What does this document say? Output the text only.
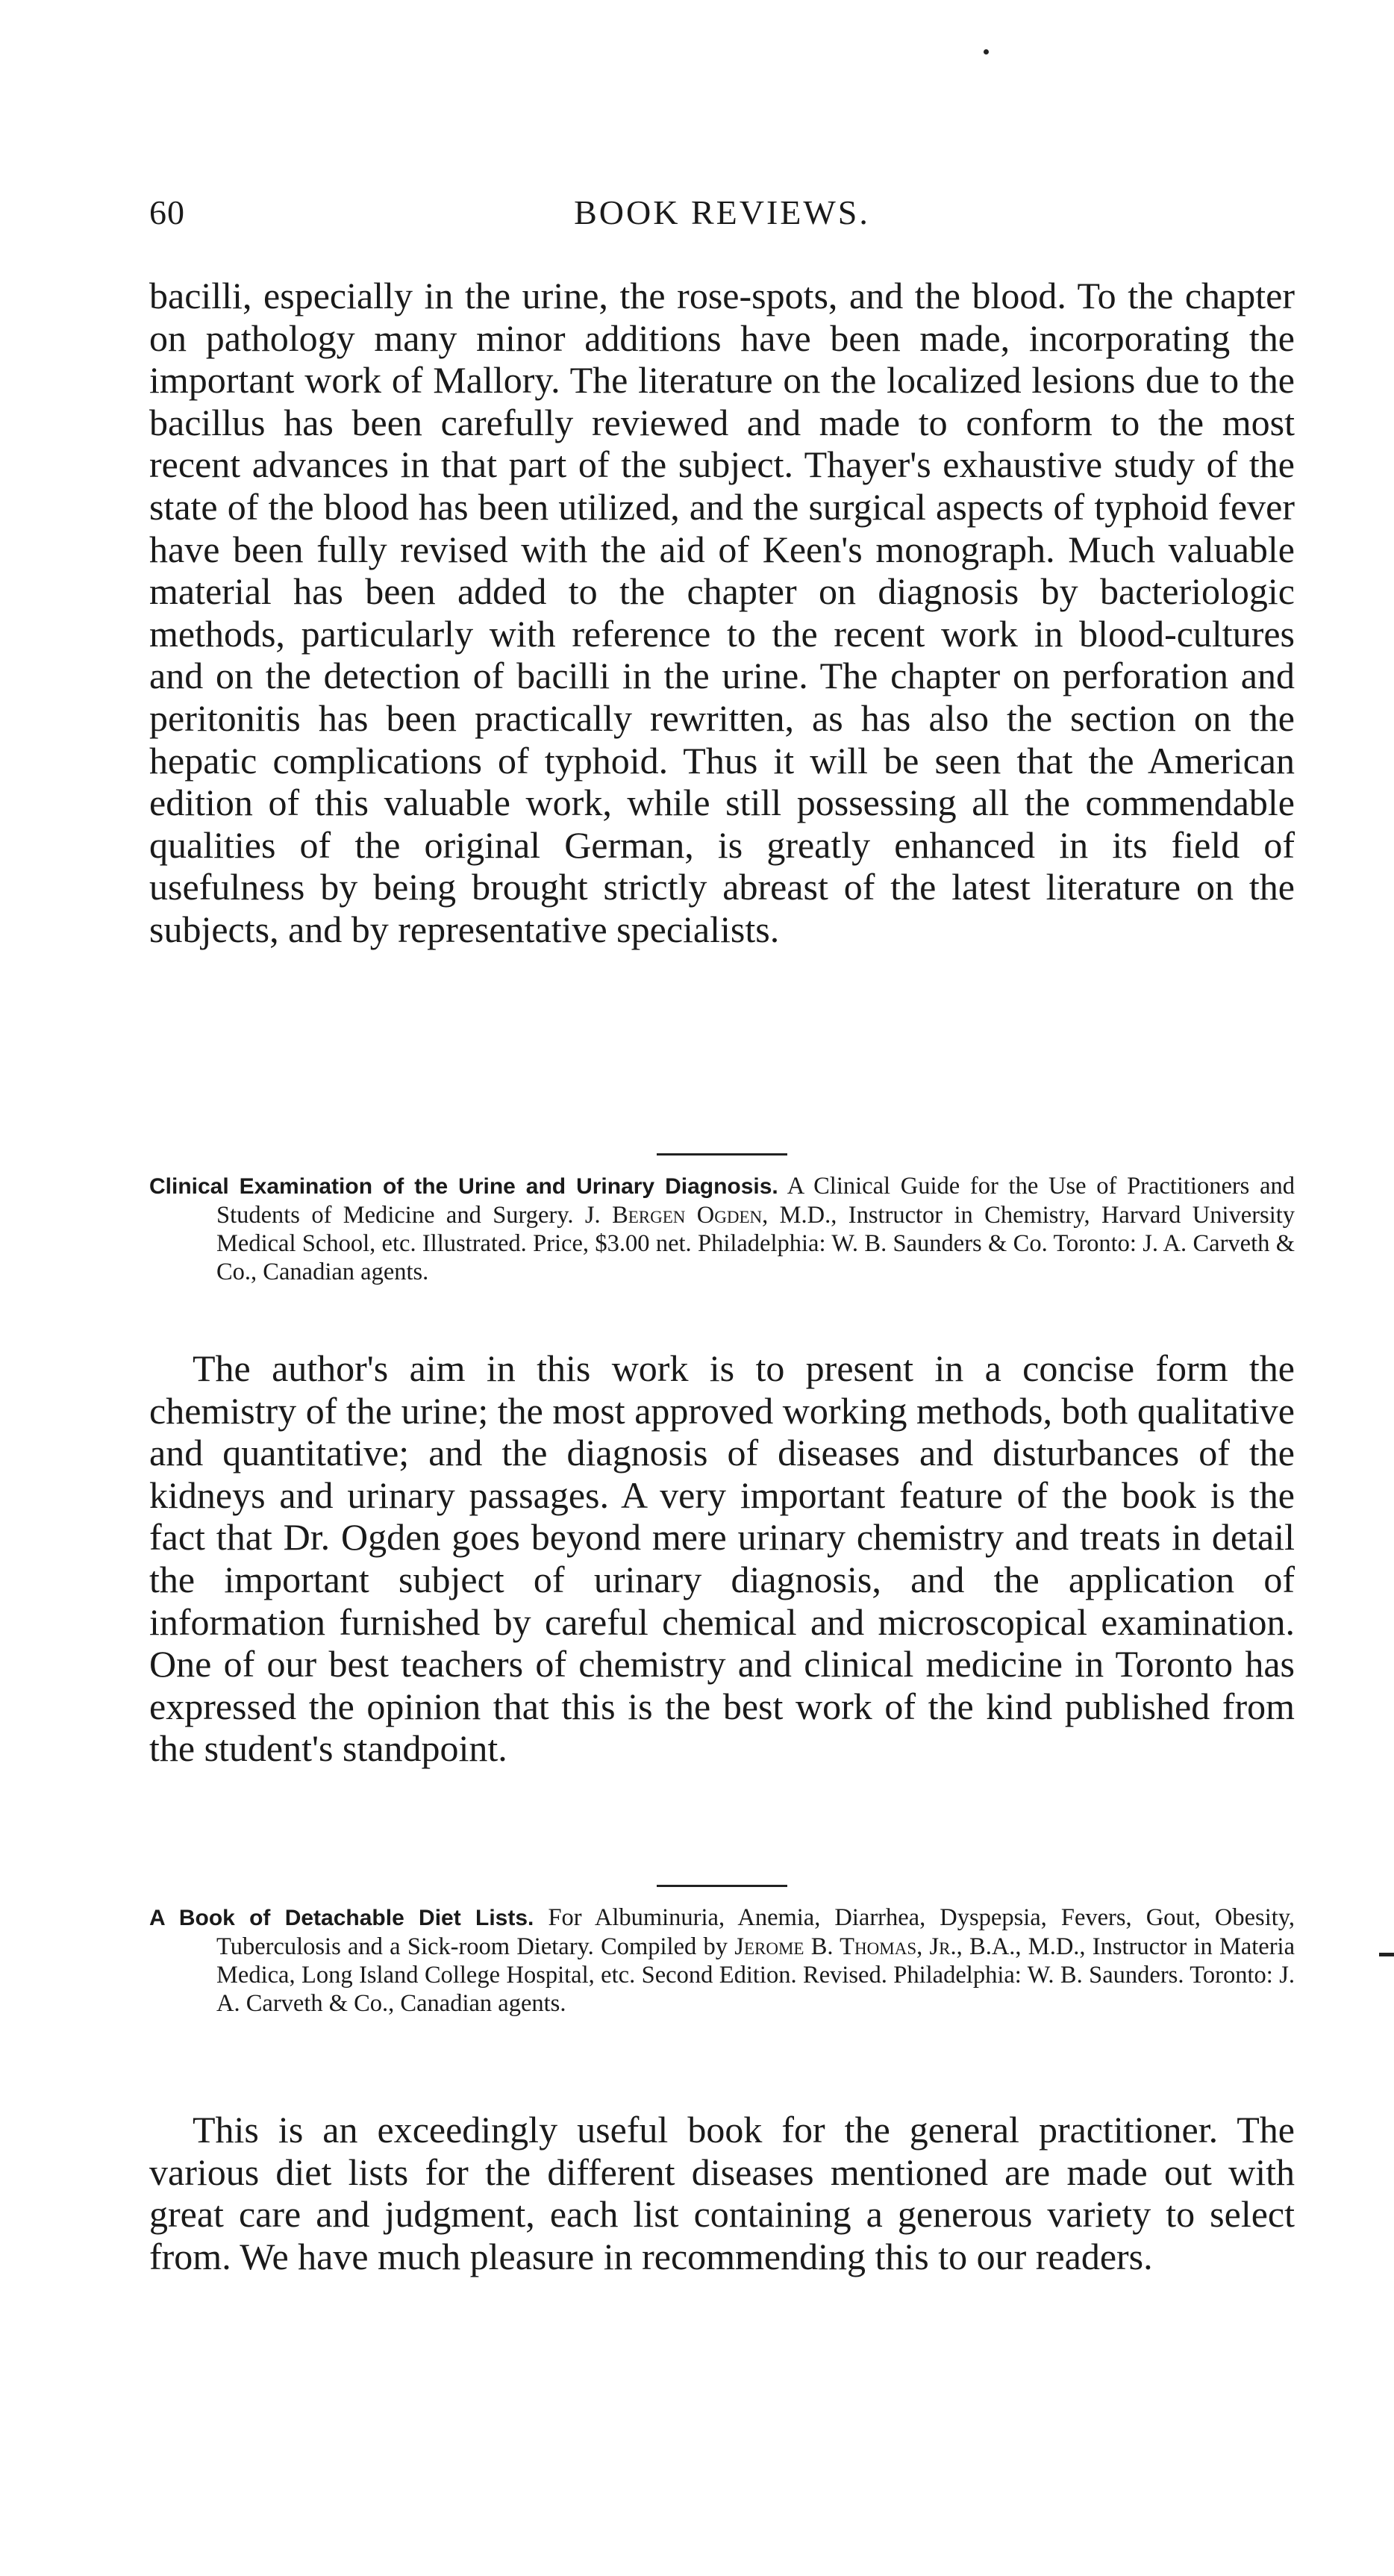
60	BOOK REVIEWS.

bacilli, especially in the urine, the rose-spots, and the blood. To the chapter on pathology many minor additions have been made, incorporating the important work of Mallory. The literature on the localized lesions due to the bacillus has been carefully reviewed and made to conform to the most recent advances in that part of the subject. Thayer's exhaustive study of the state of the blood has been utilized, and the surgical aspects of typhoid fever have been fully revised with the aid of Keen's monograph. Much valuable material has been added to the chapter on diagnosis by bacteriologic methods, particularly with reference to the recent work in blood-cultures and on the detection of bacilli in the urine. The chapter on perforation and peritonitis has been practically rewritten, as has also the section on the hepatic complications of typhoid. Thus it will be seen that the American edition of this valuable work, while still possessing all the commendable qualities of the original German, is greatly enhanced in its field of usefulness by being brought strictly abreast of the latest literature on the subjects, and by representative specialists.

Clinical Examination of the Urine and Urinary Diagnosis. A Clinical Guide for the Use of Practitioners and Students of Medicine and Surgery. J. Bergen Ogden, M.D., Instructor in Chemistry, Harvard University Medical School, etc. Illustrated. Price, $3.00 net. Philadelphia: W. B. Saunders & Co. Toronto: J. A. Carveth & Co., Canadian agents.

The author's aim in this work is to present in a concise form the chemistry of the urine; the most approved working methods, both qualitative and quantitative; and the diagnosis of diseases and disturbances of the kidneys and urinary passages. A very important feature of the book is the fact that Dr. Ogden goes beyond mere urinary chemistry and treats in detail the important subject of urinary diagnosis, and the application of information furnished by careful chemical and microscopical examination. One of our best teachers of chemistry and clinical medicine in Toronto has expressed the opinion that this is the best work of the kind published from the student's standpoint.

A Book of Detachable Diet Lists. For Albuminuria, Anemia, Diarrhea, Dyspepsia, Fevers, Gout, Obesity, Tuberculosis and a Sick-room Dietary. Compiled by Jerome B. Thomas, Jr., B.A., M.D., Instructor in Materia Medica, Long Island College Hospital, etc. Second Edition. Revised. Philadelphia: W. B. Saunders. Toronto: J. A. Carveth & Co., Canadian agents.

This is an exceedingly useful book for the general practitioner. The various diet lists for the different diseases mentioned are made out with great care and judgment, each list containing a generous variety to select from. We have much pleasure in recommending this to our readers.
